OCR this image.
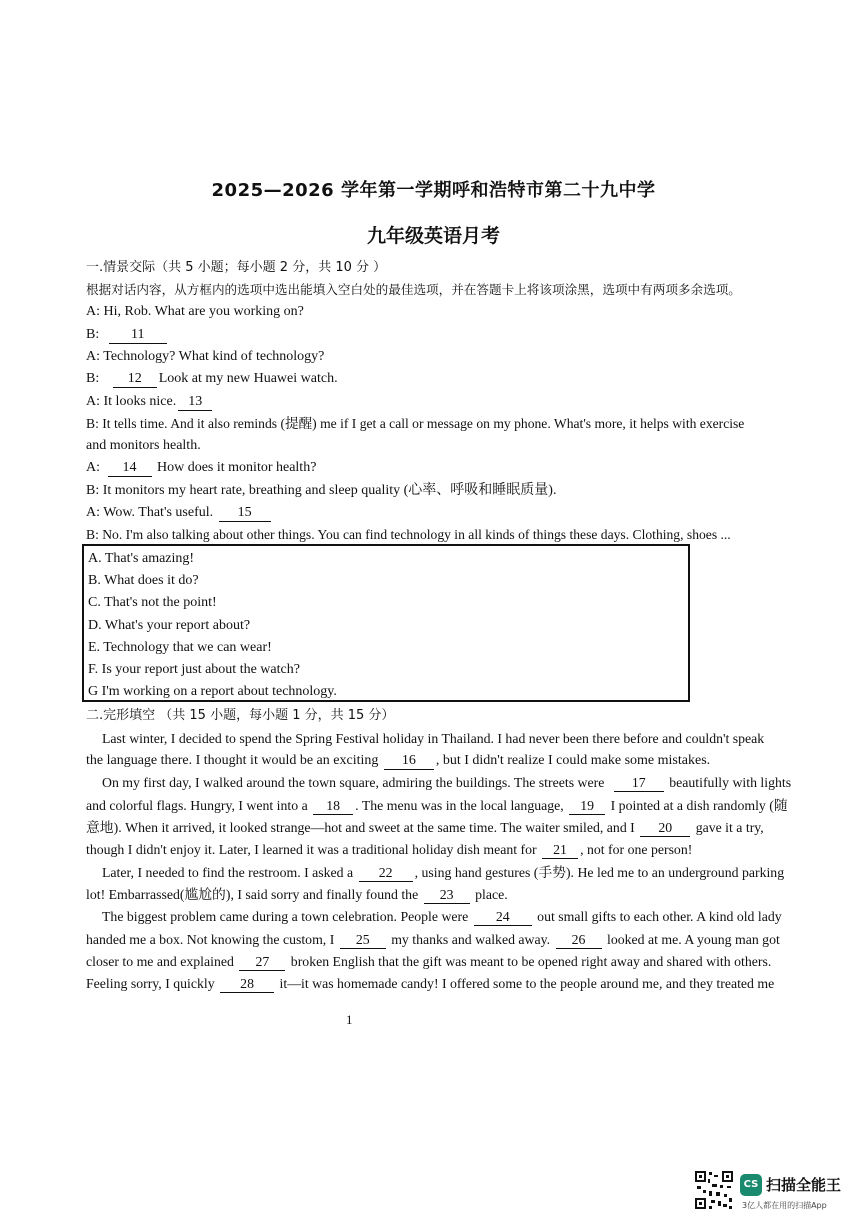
2025—2026 学年第一学期呼和浩特市第二十九中学
九年级英语月考
一.情景交际（共 5 小题；每小题 2 分，共 10 分 ）
根据对话内容，从方框内的选项中选出能填入空白处的最佳选项，并在答题卡上将该项涂黑，选项中有两项多余选项。
A: Hi, Rob. What are you working on?
B: 11
A: Technology? What kind of technology?
B: 12 Look at my new Huawei watch.
A: It looks nice. 13
B: It tells time. And it also reminds (提醒) me if I get a call or message on my phone. What's more, it helps with exercise
and monitors health.
A: 14 How does it monitor health?
B: It monitors my heart rate, breathing and sleep quality (心率、呼吸和睡眠质量).
A: Wow. That's useful. 15
B: No. I'm also talking about other things. You can find technology in all kinds of things these days. Clothing, shoes ...
A. That's amazing!
B. What does it do?
C. That's not the point!
D. What's your report about?
E. Technology that we can wear!
F. Is your report just about the watch?
G I'm working on a report about technology.
二.完形填空 （共 15 小题，每小题 1 分，共 15 分）
Last winter, I decided to spend the Spring Festival holiday in Thailand. I had never been there before and couldn't speak
the language there. I thought it would be an exciting 16 , but I didn't realize I could make some mistakes.
On my first day, I walked around the town square, admiring the buildings. The streets were 17 beautifully with lights
and colorful flags. Hungry, I went into a 18 . The menu was in the local language, 19 I pointed at a dish randomly (随
意地). When it arrived, it looked strange—hot and sweet at the same time. The waiter smiled, and I 20 gave it a try,
though I didn't enjoy it. Later, I learned it was a traditional holiday dish meant for 21 , not for one person!
Later, I needed to find the restroom. I asked a 22 , using hand gestures (手势). He led me to an underground parking
lot! Embarrassed(尴尬的), I said sorry and finally found the 23 place.
The biggest problem came during a town celebration. People were 24 out small gifts to each other. A kind old lady
handed me a box. Not knowing the custom, I 25 my thanks and walked away. 26 looked at me. A young man got
closer to me and explained 27 broken English that the gift was meant to be opened right away and shared with others.
Feeling sorry, I quickly 28 it—it was homemade candy! I offered some to the people around me, and they treated me
1
CS 扫描全能王
3亿人都在用的扫描App
